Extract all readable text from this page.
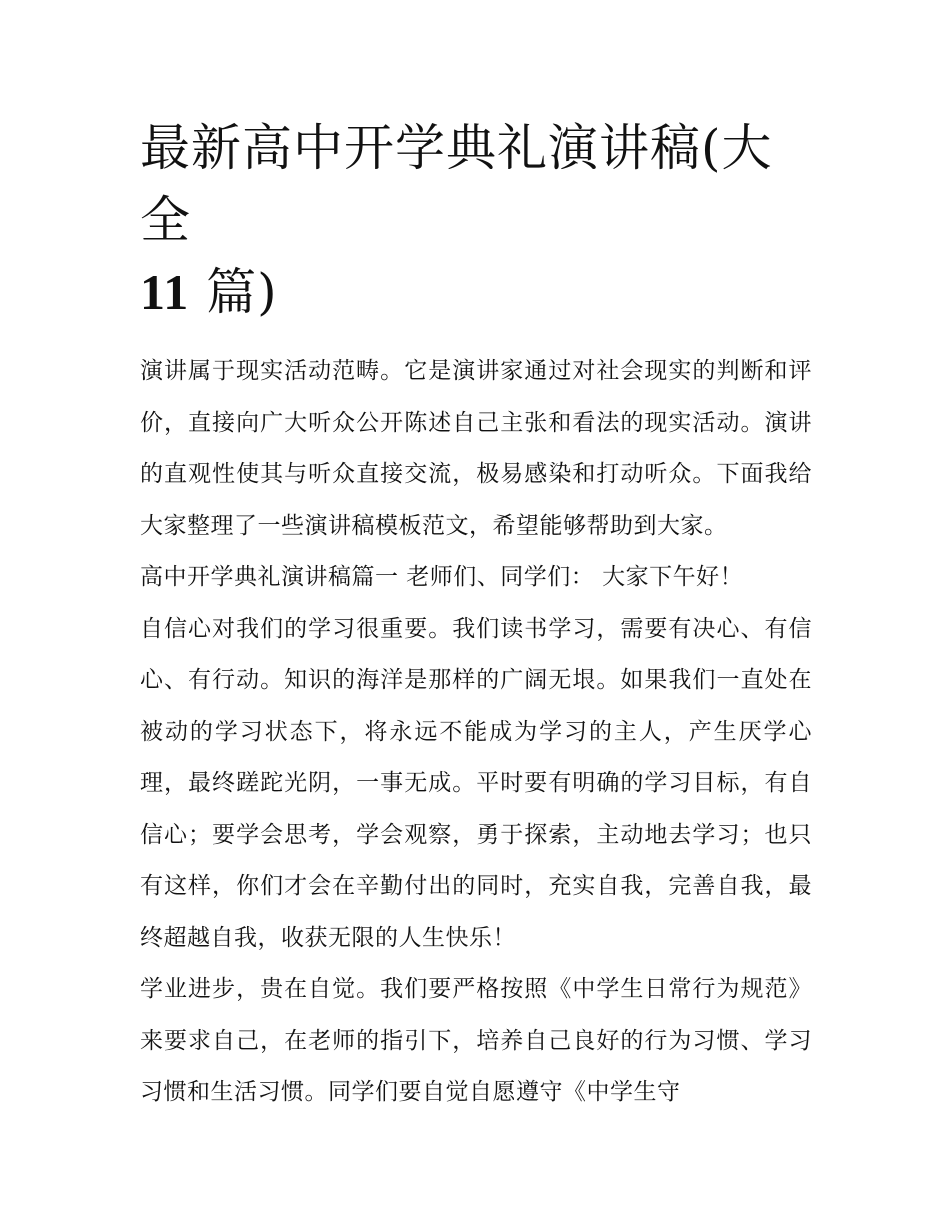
最新高中开学典礼演讲稿(大全
11 篇)

演讲属于现实活动范畴。它是演讲家通过对社会现实的判断和评价，直接向广大听众公开陈述自己主张和看法的现实活动。演讲的直观性使其与听众直接交流，极易感染和打动听众。下面我给大家整理了一些演讲稿模板范文，希望能够帮助到大家。

高中开学典礼演讲稿篇一 老师们、同学们： 大家下午好！

自信心对我们的学习很重要。我们读书学习，需要有决心、有信心、有行动。知识的海洋是那样的广阔无垠。如果我们一直处在被动的学习状态下，将永远不能成为学习的主人，产生厌学心理，最终蹉跎光阴，一事无成。平时要有明确的学习目标，有自信心；要学会思考，学会观察，勇于探索，主动地去学习；也只有这样，你们才会在辛勤付出的同时，充实自我，完善自我，最终超越自我，收获无限的人生快乐！

学业进步，贵在自觉。我们要严格按照《中学生日常行为规范》来要求自己，在老师的指引下，培养自己良好的行为习惯、学习习惯和生活习惯。同学们要自觉自愿遵守《中学生守
